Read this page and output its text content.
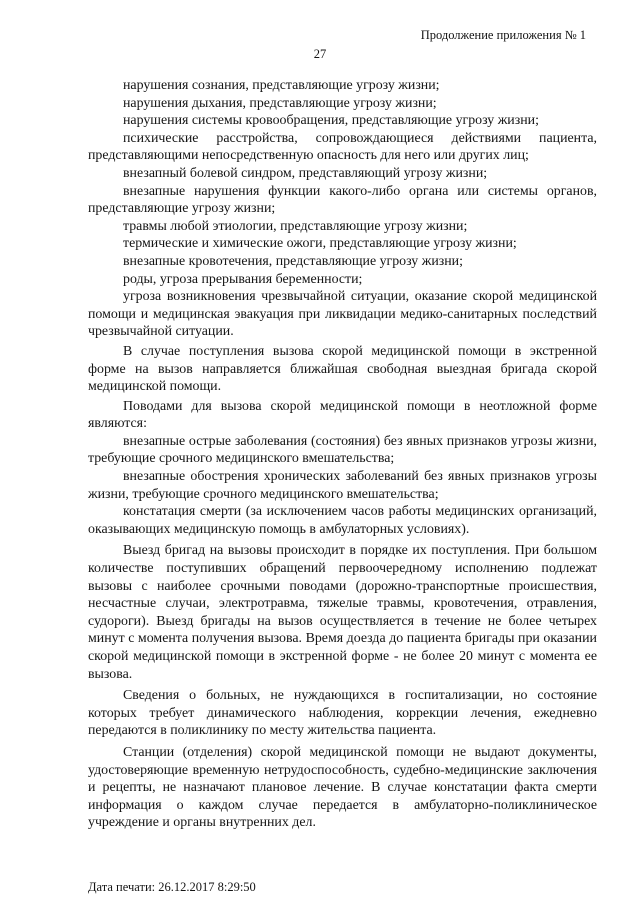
Продолжение приложения № 1
27

нарушения сознания, представляющие угрозу жизни;

нарушения дыхания, представляющие угрозу жизни;

нарушения системы кровообращения, представляющие угрозу жизни;

психические расстройства, сопровождающиеся действиями пациента, представляющими непосредственную опасность для него или других лиц;

внезапный болевой синдром, представляющий угрозу жизни;

внезапные нарушения функции какого-либо органа или системы органов, представляющие угрозу жизни;

травмы любой этиологии, представляющие угрозу жизни;

термические и химические ожоги, представляющие угрозу жизни;

внезапные кровотечения, представляющие угрозу жизни;

роды, угроза прерывания беременности;

угроза возникновения чрезвычайной ситуации, оказание скорой медицинской помощи и медицинская эвакуация при ликвидации медико-санитарных последствий чрезвычайной ситуации.

В случае поступления вызова скорой медицинской помощи в экстренной форме на вызов направляется ближайшая свободная выездная бригада скорой медицинской помощи.

Поводами для вызова скорой медицинской помощи в неотложной форме являются:

внезапные острые заболевания (состояния) без явных признаков угрозы жизни, требующие срочного медицинского вмешательства;

внезапные обострения хронических заболеваний без явных признаков угрозы жизни, требующие срочного медицинского вмешательства;

констатация смерти (за исключением часов работы медицинских организаций, оказывающих медицинскую помощь в амбулаторных условиях).

Выезд бригад на вызовы происходит в порядке их поступления. При большом количестве поступивших обращений первоочередному исполнению подлежат вызовы с наиболее срочными поводами (дорожно-транспортные происшествия, несчастные случаи, электротравма, тяжелые травмы, кровотечения, отравления, судороги). Выезд бригады на вызов осуществляется в течение не более четырех минут с момента получения вызова. Время доезда до пациента бригады при оказании скорой медицинской помощи в экстренной форме - не более 20 минут с момента ее вызова.

Сведения о больных, не нуждающихся в госпитализации, но состояние которых требует динамического наблюдения, коррекции лечения, ежедневно передаются в поликлинику по месту жительства пациента.

Станции (отделения) скорой медицинской помощи не выдают документы, удостоверяющие временную нетрудоспособность, судебно-медицинские заключения и рецепты, не назначают плановое лечение. В случае констатации факта смерти информация о каждом случае передается в амбулаторно-поликлиническое учреждение и органы внутренних дел.

Дата печати: 26.12.2017 8:29:50
